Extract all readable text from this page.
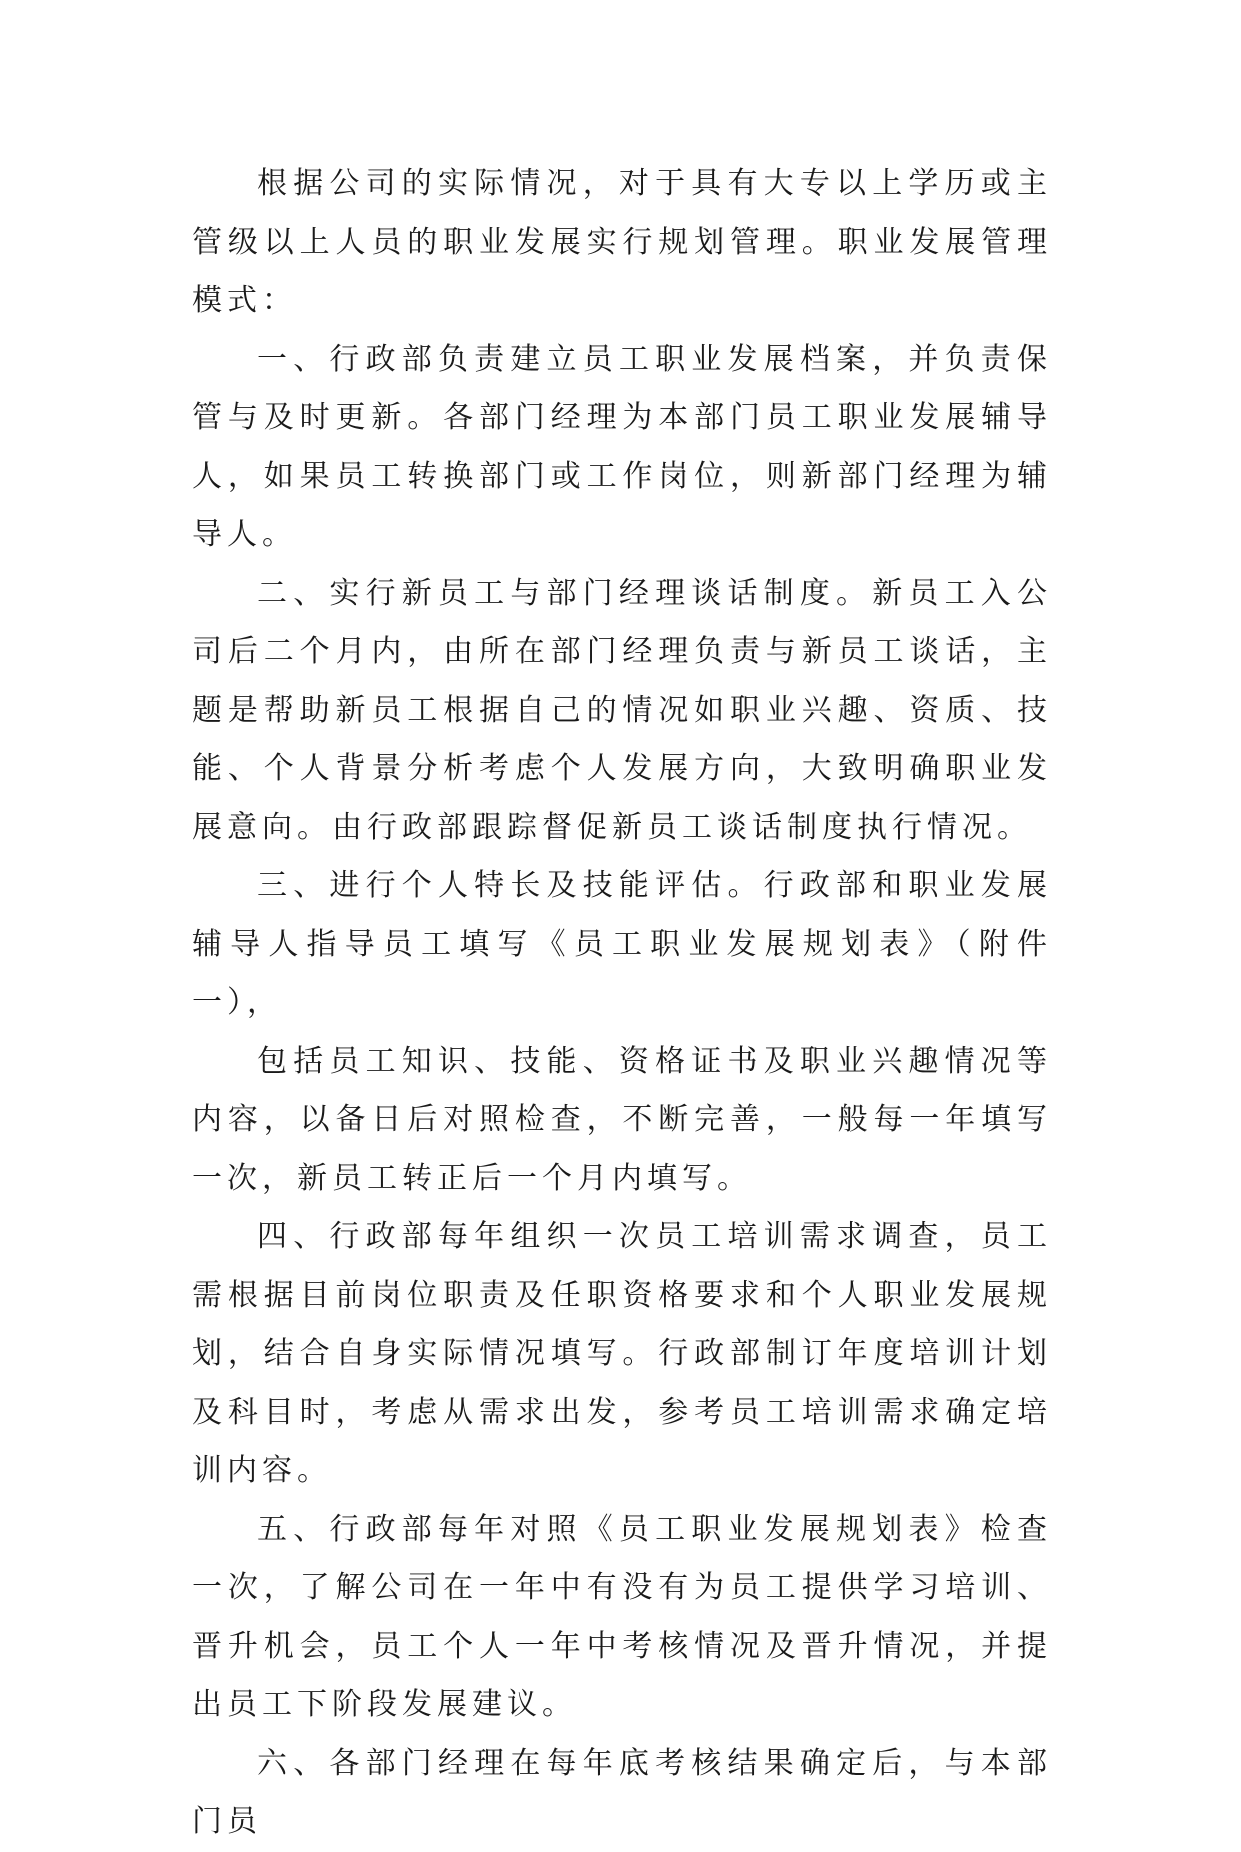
根据公司的实际情况，对于具有大专以上学历或主管级以上人员的职业发展实行规划管理。职业发展管理模式：

一、行政部负责建立员工职业发展档案，并负责保管与及时更新。各部门经理为本部门员工职业发展辅导人，如果员工转换部门或工作岗位，则新部门经理为辅导人。

二、实行新员工与部门经理谈话制度。新员工入公司后二个月内，由所在部门经理负责与新员工谈话，主题是帮助新员工根据自己的情况如职业兴趣、资质、技能、个人背景分析考虑个人发展方向，大致明确职业发展意向。由行政部跟踪督促新员工谈话制度执行情况。

三、进行个人特长及技能评估。行政部和职业发展辅导人指导员工填写《员工职业发展规划表》（附件一），

包括员工知识、技能、资格证书及职业兴趣情况等内容，以备日后对照检查，不断完善，一般每一年填写一次，新员工转正后一个月内填写。

四、行政部每年组织一次员工培训需求调查，员工需根据目前岗位职责及任职资格要求和个人职业发展规划，结合自身实际情况填写。行政部制订年度培训计划及科目时，考虑从需求出发，参考员工培训需求确定培训内容。

五、行政部每年对照《员工职业发展规划表》检查一次，了解公司在一年中有没有为员工提供学习培训、晋升机会，员工个人一年中考核情况及晋升情况，并提出员工下阶段发展建议。

六、各部门经理在每年底考核结果确定后，与本部门员
